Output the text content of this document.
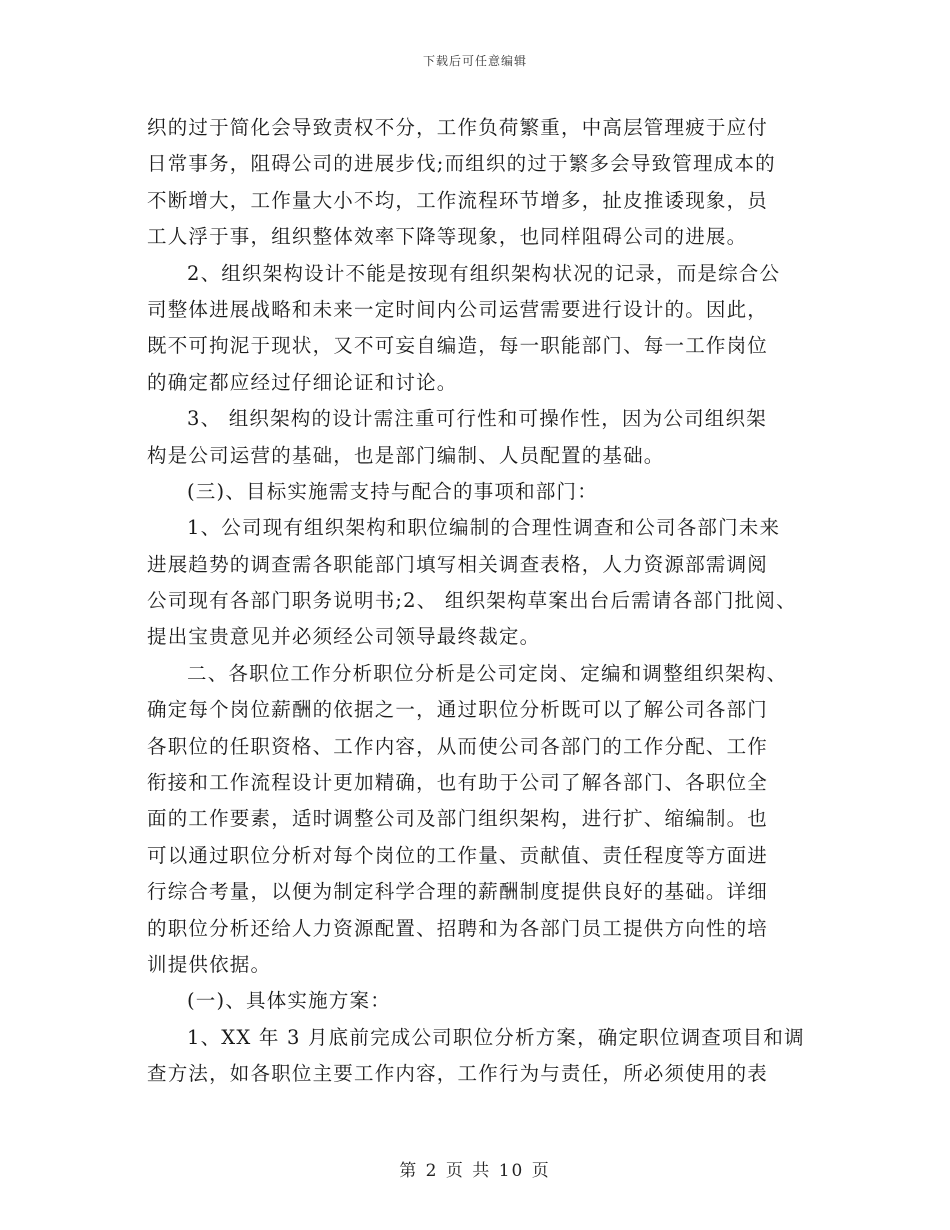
下载后可任意编辑
织的过于简化会导致责权不分，工作负荷繁重，中高层管理疲于应付
日常事务，阻碍公司的进展步伐;而组织的过于繁多会导致管理成本的
不断增大，工作量大小不均，工作流程环节增多，扯皮推诿现象，员
工人浮于事，组织整体效率下降等现象，也同样阻碍公司的进展。
2、组织架构设计不能是按现有组织架构状况的记录，而是综合公
司整体进展战略和未来一定时间内公司运营需要进行设计的。因此，
既不可拘泥于现状，又不可妄自编造，每一职能部门、每一工作岗位
的确定都应经过仔细论证和讨论。
3、 组织架构的设计需注重可行性和可操作性，因为公司组织架
构是公司运营的基础，也是部门编制、人员配置的基础。
(三)、目标实施需支持与配合的事项和部门：
1、公司现有组织架构和职位编制的合理性调查和公司各部门未来
进展趋势的调查需各职能部门填写相关调查表格，人力资源部需调阅
公司现有各部门职务说明书;2、 组织架构草案出台后需请各部门批阅、
提出宝贵意见并必须经公司领导最终裁定。
二、各职位工作分析职位分析是公司定岗、定编和调整组织架构、
确定每个岗位薪酬的依据之一，通过职位分析既可以了解公司各部门
各职位的任职资格、工作内容，从而使公司各部门的工作分配、工作
衔接和工作流程设计更加精确，也有助于公司了解各部门、各职位全
面的工作要素，适时调整公司及部门组织架构，进行扩、缩编制。也
可以通过职位分析对每个岗位的工作量、贡献值、责任程度等方面进
行综合考量，以便为制定科学合理的薪酬制度提供良好的基础。详细
的职位分析还给人力资源配置、招聘和为各部门员工提供方向性的培
训提供依据。
(一)、具体实施方案：
1、XX 年 3 月底前完成公司职位分析方案，确定职位调查项目和调
查方法，如各职位主要工作内容，工作行为与责任，所必须使用的表
第 2 页 共 10 页
